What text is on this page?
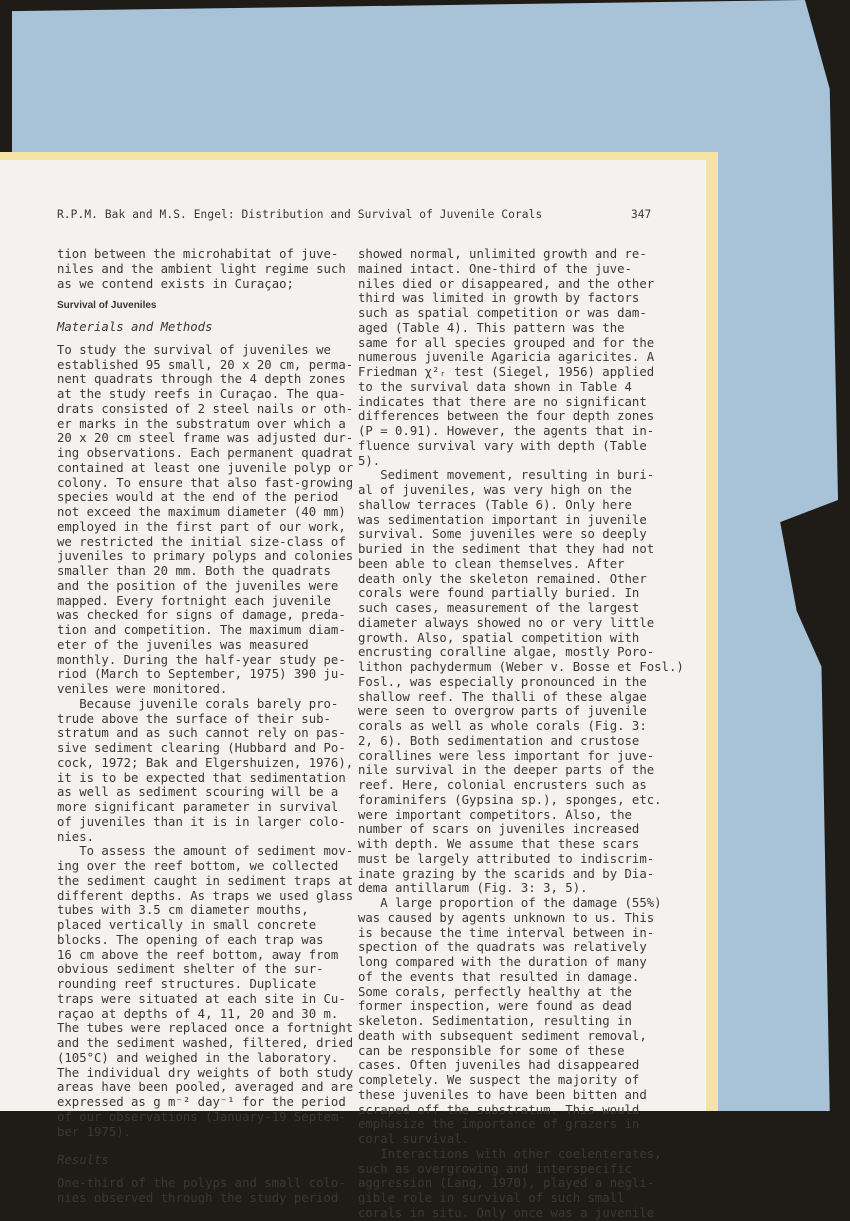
R.P.M. Bak and M.S. Engel: Distribution and Survival of Juvenile Corals	347
tion between the microhabitat of juve-
niles and the ambient light regime such
as we contend exists in Curaçao;
Survival of Juveniles
Materials and Methods
To study the survival of juveniles we
established 95 small, 20 x 20 cm, perma-
nent quadrats through the 4 depth zones
at the study reefs in Curaçao. The qua-
drats consisted of 2 steel nails or oth-
er marks in the substratum over which a
20 x 20 cm steel frame was adjusted dur-
ing observations. Each permanent quadrat
contained at least one juvenile polyp or
colony. To ensure that also fast-growing
species would at the end of the period
not exceed the maximum diameter (40 mm)
employed in the first part of our work,
we restricted the initial size-class of
juveniles to primary polyps and colonies
smaller than 20 mm. Both the quadrats
and the position of the juveniles were
mapped. Every fortnight each juvenile
was checked for signs of damage, preda-
tion and competition. The maximum diam-
eter of the juveniles was measured
monthly. During the half-year study pe-
riod (March to September, 1975) 390 ju-
veniles were monitored.
Because juvenile corals barely pro-
trude above the surface of their sub-
stratum and as such cannot rely on pas-
sive sediment clearing (Hubbard and Po-
cock, 1972; Bak and Elgershuizen, 1976),
it is to be expected that sedimentation
as well as sediment scouring will be a
more significant parameter in survival
of juveniles than it is in larger colo-
nies.
To assess the amount of sediment mov-
ing over the reef bottom, we collected
the sediment caught in sediment traps at
different depths. As traps we used glass
tubes with 3.5 cm diameter mouths,
placed vertically in small concrete
blocks. The opening of each trap was
16 cm above the reef bottom, away from
obvious sediment shelter of the sur-
rounding reef structures. Duplicate
traps were situated at each site in Cu-
raçao at depths of 4, 11, 20 and 30 m.
The tubes were replaced once a fortnight
and the sediment washed, filtered, dried
(105°C) and weighed in the laboratory.
The individual dry weights of both study
areas have been pooled, averaged and are
expressed as g m⁻² day⁻¹ for the period
of our observations (January-19 Septem-
ber 1975).
Results
One-third of the polyps and small colo-
nies observed through the study period
showed normal, unlimited growth and re-
mained intact. One-third of the juve-
niles died or disappeared, and the other
third was limited in growth by factors
such as spatial competition or was dam-
aged (Table 4). This pattern was the
same for all species grouped and for the
numerous juvenile Agaricia agaricites. A
Friedman χ²ᵣ test (Siegel, 1956) applied
to the survival data shown in Table 4
indicates that there are no significant
differences between the four depth zones
(P = 0.91). However, the agents that in-
fluence survival vary with depth (Table
5).
Sediment movement, resulting in buri-
al of juveniles, was very high on the
shallow terraces (Table 6). Only here
was sedimentation important in juvenile
survival. Some juveniles were so deeply
buried in the sediment that they had not
been able to clean themselves. After
death only the skeleton remained. Other
corals were found partially buried. In
such cases, measurement of the largest
diameter always showed no or very little
growth. Also, spatial competition with
encrusting coralline algae, mostly Poro-
lithon pachydermum (Weber v. Bosse et Fosl.)
Fosl., was especially pronounced in the
shallow reef. The thalli of these algae
were seen to overgrow parts of juvenile
corals as well as whole corals (Fig. 3:
2, 6). Both sedimentation and crustose
corallines were less important for juve-
nile survival in the deeper parts of the
reef. Here, colonial encrusters such as
foraminifers (Gypsina sp.), sponges, etc.
were important competitors. Also, the
number of scars on juveniles increased
with depth. We assume that these scars
must be largely attributed to indiscrim-
inate grazing by the scarids and by Dia-
dema antillarum (Fig. 3: 3, 5).
A large proportion of the damage (55%)
was caused by agents unknown to us. This
is because the time interval between in-
spection of the quadrats was relatively
long compared with the duration of many
of the events that resulted in damage.
Some corals, perfectly healthy at the
former inspection, were found as dead
skeleton. Sedimentation, resulting in
death with subsequent sediment removal,
can be responsible for some of these
cases. Often juveniles had disappeared
completely. We suspect the majority of
these juveniles to have been bitten and
scraped off the substratum. This would
emphasize the importance of grazers in
coral survival.
Interactions with other coelenterates,
such as overgrowing and interspecific
aggression (Lang, 1970), played a negli-
gible role in survival of such small
corals in situ. Only once was a juvenile
